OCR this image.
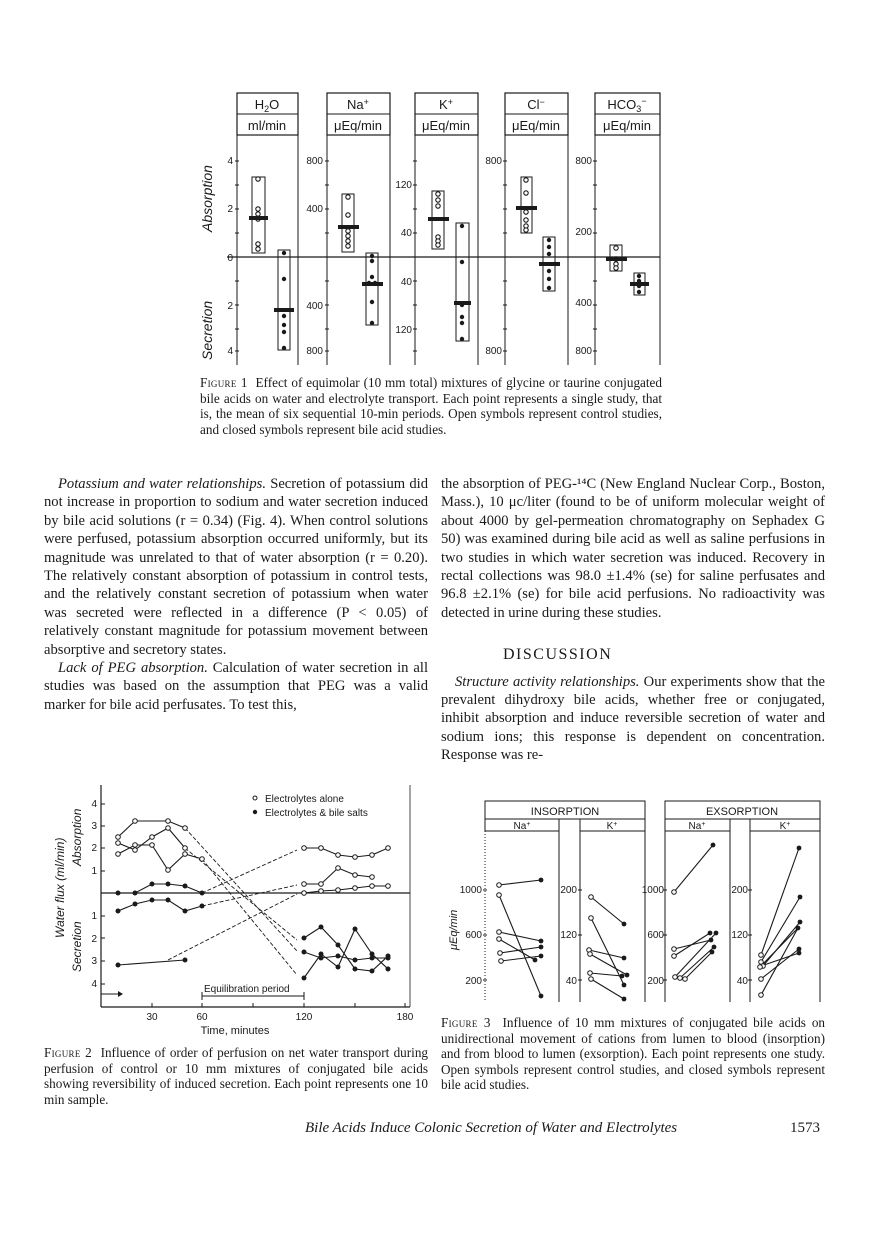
Absorption
Secretion
$H_2O$
ml/min
4
2
0
2
4
Na+
μEq/min
800
400
400
800
K+
μEq/min
120
40
40
120
Cl−
μEq/min
800
800
$HCO_3^-$
μEq/min
800
200
400
800
Figure 1 Effect of equimolar (10 mm total) mixtures of glycine or taurine conjugated bile acids on water and electrolyte transport. Each point represents a single study, that is, the mean of six sequential 10-min periods. Open symbols represent control studies, and closed symbols represent bile acid studies.

Potassium and water relationships. Secretion of potassium did not increase in proportion to sodium and water secretion induced by bile acid solutions (r = 0.34) (Fig. 4). When control solutions were perfused, potassium absorption occurred uniformly, but its magnitude was unrelated to that of water absorption (r = 0.20). The relatively constant absorption of potassium in control tests, and the relatively constant secretion of potassium when water was secreted were reflected in a difference (P < 0.05) of relatively constant magnitude for potassium movement between absorptive and secretory states.

Lack of PEG absorption. Calculation of water secretion in all studies was based on the assumption that PEG was a valid marker for bile acid perfusates. To test this,

the absorption of PEG-¹⁴C (New England Nuclear Corp., Boston, Mass.), 10 μc/liter (found to be of uniform molecular weight of about 4000 by gel-permeation chromatography on Sephadex G 50) was examined during bile acid as well as saline perfusions in two studies in which water secretion was induced. Recovery in rectal collections was 98.0 ±1.4% (se) for saline perfusates and 96.8 ±2.1% (se) for bile acid perfusions. No radioactivity was detected in urine during these studies.

DISCUSSION

Structure activity relationships. Our experiments show that the prevalent dihydroxy bile acids, whether free or conjugated, inhibit absorption and induce reversible secretion of water and sodium ions; this response is dependent on concentration. Response was re-

Water flux (ml/min)
Absorption
Secretion
4
3
2
1
1
2
3
4
30	60	120	180
Time, minutes
Electrolytes alone
Electrolytes & bile salts
Equilibration period
Figure 2 Influence of order of perfusion on net water transport during perfusion of control or 10 mm mixtures of conjugated bile acids showing reversibility of induced secretion. Each point represents one 10 min sample.
INSORPTION	EXSORPTION
Na+	K+	Na+	K+
μEq/min
1000
600
200
200
120
40
1000
600
200
200
120
40
Figure 3 Influence of 10 mm mixtures of conjugated bile acids on unidirectional movement of cations from lumen to blood (insorption) and from blood to lumen (exsorption). Each point represents one study. Open symbols represent control studies, and closed symbols represent bile acid studies.
Bile Acids Induce Colonic Secretion of Water and Electrolytes	1573
